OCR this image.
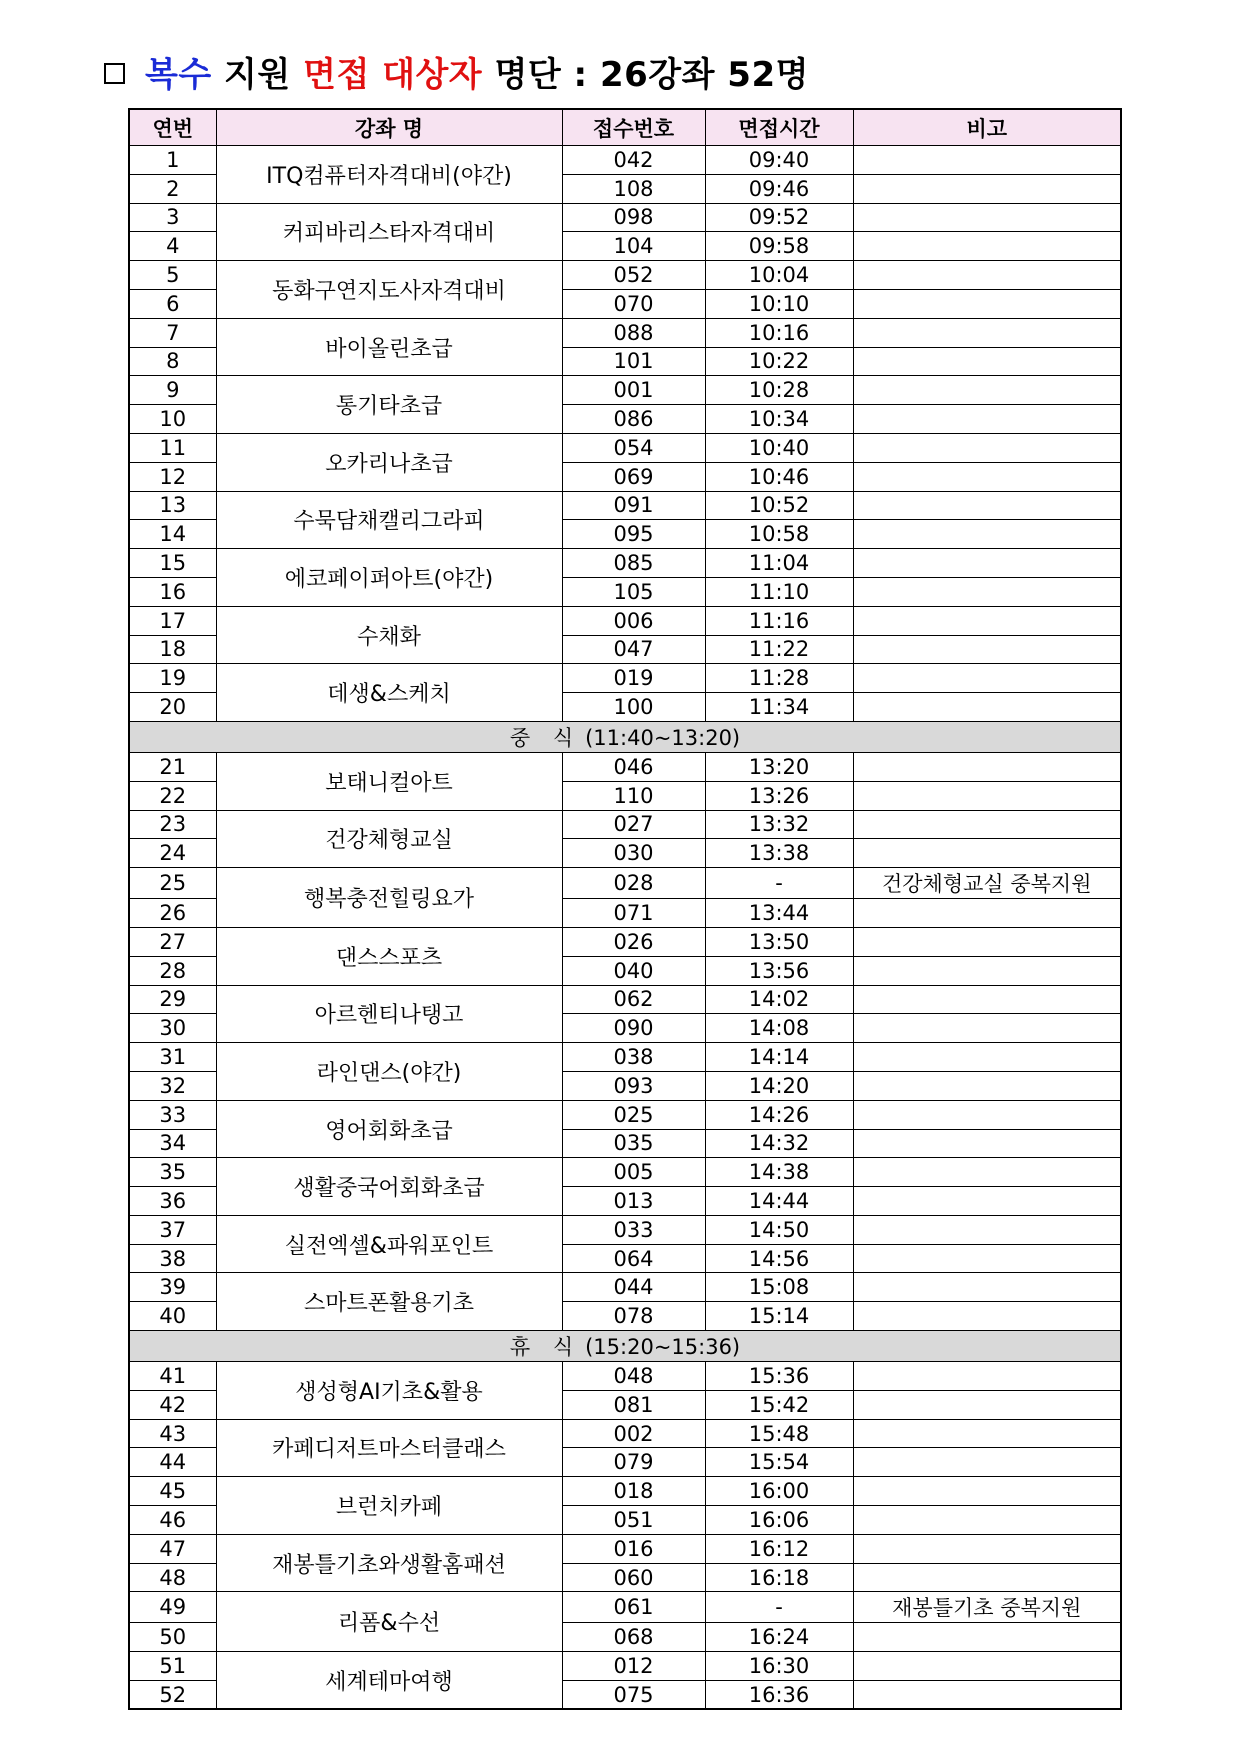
복수 지원 면접 대상자 명단 : 26강좌 52명
연번	강좌 명	접수번호	면접시간	비고
1	ITQ컴퓨터자격대비(야간)	042	09:40	
2		108	09:46	
3	커피바리스타자격대비	098	09:52	
4		104	09:58	
5	동화구연지도사자격대비	052	10:04	
6		070	10:10	
7	바이올린초급	088	10:16	
8		101	10:22	
9	통기타초급	001	10:28	
10		086	10:34	
11	오카리나초급	054	10:40	
12		069	10:46	
13	수묵담채캘리그라피	091	10:52	
14		095	10:58	
15	에코페이퍼아트(야간)	085	11:04	
16		105	11:10	
17	수채화	006	11:16	
18		047	11:22	
19	데생&스케치	019	11:28	
20		100	11:34	
중 식 (11:40~13:20)				
21	보태니컬아트	046	13:20	
22		110	13:26	
23	건강체형교실	027	13:32	
24		030	13:38	
25	행복충전힐링요가	028	-	건강체형교실 중복지원
26		071	13:44	
27	댄스스포츠	026	13:50	
28		040	13:56	
29	아르헨티나탱고	062	14:02	
30		090	14:08	
31	라인댄스(야간)	038	14:14	
32		093	14:20	
33	영어회화초급	025	14:26	
34		035	14:32	
35	생활중국어회화초급	005	14:38	
36		013	14:44	
37	실전엑셀&파워포인트	033	14:50	
38		064	14:56	
39	스마트폰활용기초	044	15:08	
40		078	15:14	
휴 식 (15:20~15:36)				
41	생성형AI기초&활용	048	15:36	
42		081	15:42	
43	카페디저트마스터클래스	002	15:48	
44		079	15:54	
45	브런치카페	018	16:00	
46		051	16:06	
47	재봉틀기초와생활홈패션	016	16:12	
48		060	16:18	
49	리폼&수선	061	-	재봉틀기초 중복지원
50		068	16:24	
51	세계테마여행	012	16:30	
52		075	16:36	
